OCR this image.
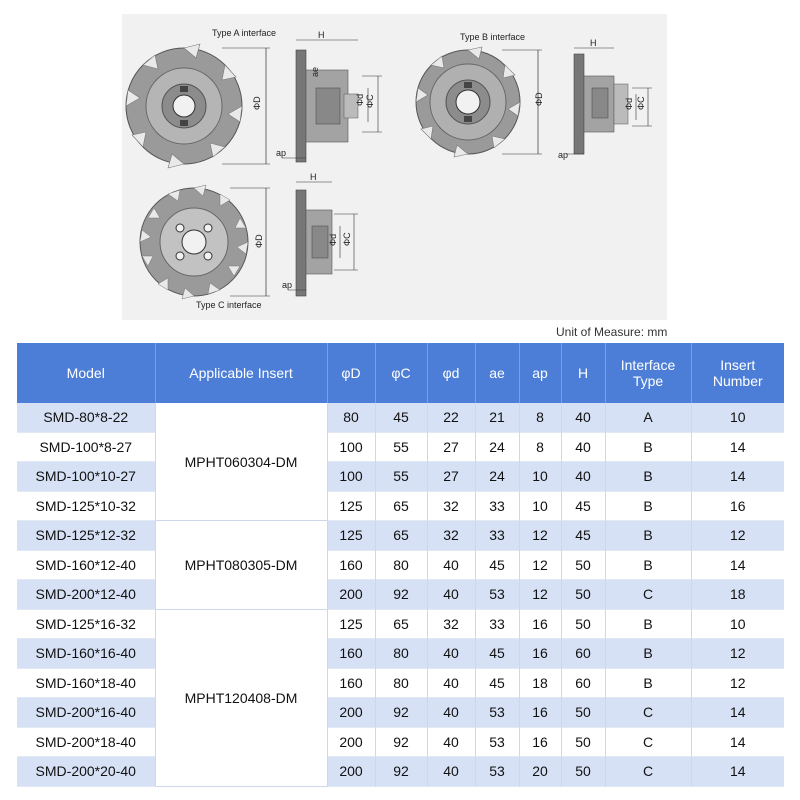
ΦD
H
ae
ΦC
Φd
ap
ΦD
H
ΦC
Φd
ap
ΦD
H
ΦC
Φd
ap
Type A interface	Type B interface
Type C interface
Unit of Measure: mm
Model	Applicable Insert	φD	φC	φd	ae	ap	H	Interface Type	Insert Number
SMD-80*8-22	MPHT060304-DM	80	45	22	21	8	40	A	10
SMD-100*8-27		100	55	27	24	8	40	B	14
SMD-100*10-27		100	55	27	24	10	40	B	14
SMD-125*10-32		125	65	32	33	10	45	B	16
SMD-125*12-32	MPHT080305-DM	125	65	32	33	12	45	B	12
SMD-160*12-40		160	80	40	45	12	50	B	14
SMD-200*12-40		200	92	40	53	12	50	C	18
SMD-125*16-32	MPHT120408-DM	125	65	32	33	16	50	B	10
SMD-160*16-40		160	80	40	45	16	60	B	12
SMD-160*18-40		160	80	40	45	18	60	B	12
SMD-200*16-40		200	92	40	53	16	50	C	14
SMD-200*18-40		200	92	40	53	16	50	C	14
SMD-200*20-40		200	92	40	53	20	50	C	14
